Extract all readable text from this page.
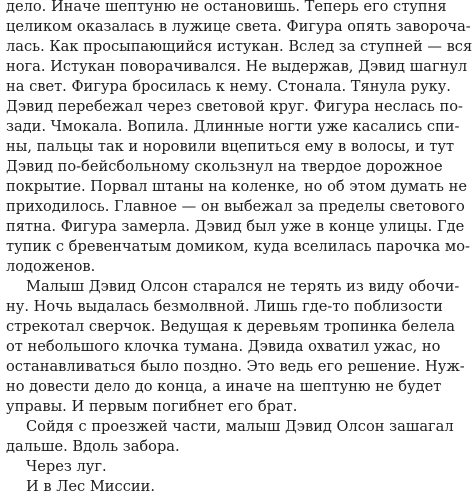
дело. Иначе шептуню не остановишь. Теперь его ступня
целиком оказалась в лужице света. Фигура опять заворочa-
лась. Как просыпающийся истукан. Вслед за ступней — вся
нога. Истукан поворачивался. Не выдержав, Дэвид шагнул
на свет. Фигура бросилась к нему. Стонала. Тянула руку.
Дэвид перебежал через световой круг. Фигура неслась по-
зади. Чмокала. Вопила. Длинные ногти уже касались спи-
ны, пальцы так и норовили вцепиться ему в волосы, и тут
Дэвид по-бейсбольному скользнул на твердое дорожное
покрытие. Порвал штаны на коленке, но об этом думать не
приходилось. Главное — он выбежал за пределы светового
пятна. Фигура замерла. Дэвид был уже в конце улицы. Где
тупик с бревенчатым домиком, куда вселилась парочка мо-
лодоженов.
Малыш Дэвид Олсон старался не терять из виду обочи-
ну. Ночь выдалась безмолвной. Лишь где-то поблизости
стрекотал сверчок. Ведущая к деревьям тропинка белела
от небольшого клочка тумана. Дэвида охватил ужас, но
останавливаться было поздно. Это ведь его решение. Нуж-
но довести дело до конца, а иначе на шептуню не будет
управы. И первым погибнет его брат.
Сойдя с проезжей части, малыш Дэвид Олсон зашагал
дальше. Вдоль забора.
Через луг.
И в Лес Миссии.
